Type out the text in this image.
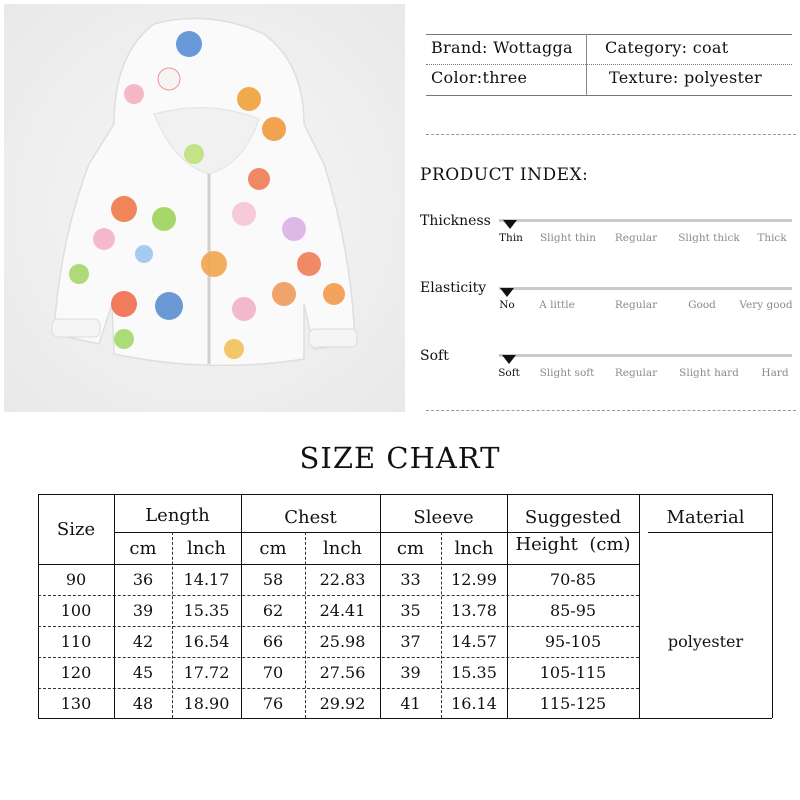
Brand: Wottagga Category: coat
Color:three	Texture: polyester
PRODUCT INDEX:
Thickness
Thin Slight thin Regular Slight thick Thick
Elasticity
No A little	Regular	Good Very good
Soft
Soft Slight soft Regular Slight hard Hard
SIZE CHART
Size
Length	Chest	Sleeve	Suggested
Height  (cm)
Material
cm	lnch	cm	lnch	cm	lnch
90	36	14.17	58	22.83	33	12.99	70-85
100	39	15.35	62	24.41	35	13.78	85-95
110	42	16.54	66	25.98	37	14.57	95-105
120	45	17.72	70	27.56	39	15.35	105-115
130	48	18.90	76	29.92	41	16.14	115-125
polyester
